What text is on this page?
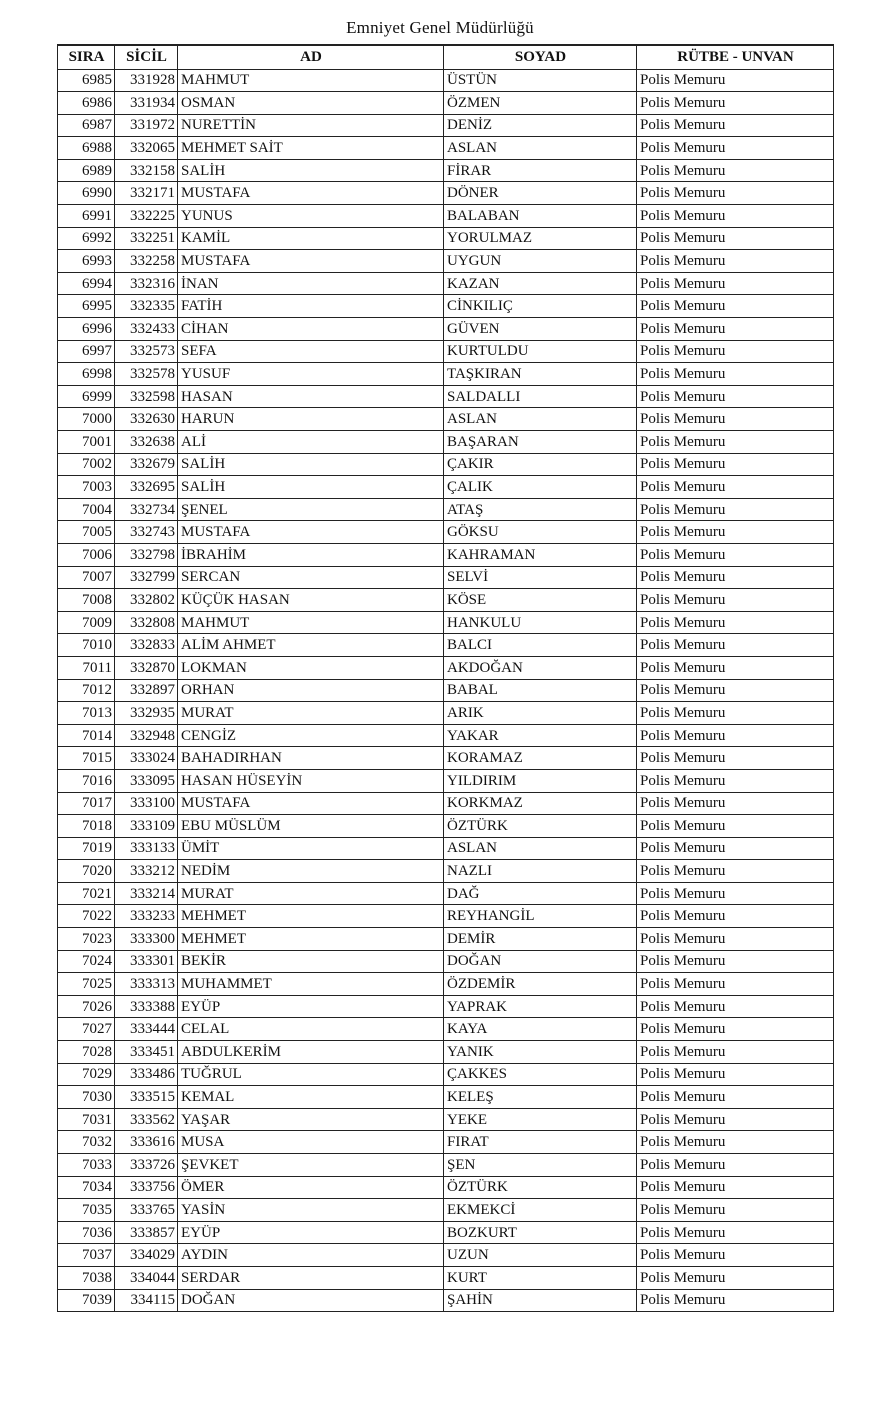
Emniyet Genel Müdürlüğü
SIRA	SİCİL	AD	SOYAD	RÜTBE - UNVAN
6985	331928	MAHMUT	ÜSTÜN	Polis Memuru
6986	331934	OSMAN	ÖZMEN	Polis Memuru
6987	331972	NURETTİN	DENİZ	Polis Memuru
6988	332065	MEHMET SAİT	ASLAN	Polis Memuru
6989	332158	SALİH	FİRAR	Polis Memuru
6990	332171	MUSTAFA	DÖNER	Polis Memuru
6991	332225	YUNUS	BALABAN	Polis Memuru
6992	332251	KAMİL	YORULMAZ	Polis Memuru
6993	332258	MUSTAFA	UYGUN	Polis Memuru
6994	332316	İNAN	KAZAN	Polis Memuru
6995	332335	FATİH	CİNKILIÇ	Polis Memuru
6996	332433	CİHAN	GÜVEN	Polis Memuru
6997	332573	SEFA	KURTULDU	Polis Memuru
6998	332578	YUSUF	TAŞKIRAN	Polis Memuru
6999	332598	HASAN	SALDALLI	Polis Memuru
7000	332630	HARUN	ASLAN	Polis Memuru
7001	332638	ALİ	BAŞARAN	Polis Memuru
7002	332679	SALİH	ÇAKIR	Polis Memuru
7003	332695	SALİH	ÇALIK	Polis Memuru
7004	332734	ŞENEL	ATAŞ	Polis Memuru
7005	332743	MUSTAFA	GÖKSU	Polis Memuru
7006	332798	İBRAHİM	KAHRAMAN	Polis Memuru
7007	332799	SERCAN	SELVİ	Polis Memuru
7008	332802	KÜÇÜK HASAN	KÖSE	Polis Memuru
7009	332808	MAHMUT	HANKULU	Polis Memuru
7010	332833	ALİM AHMET	BALCI	Polis Memuru
7011	332870	LOKMAN	AKDOĞAN	Polis Memuru
7012	332897	ORHAN	BABAL	Polis Memuru
7013	332935	MURAT	ARIK	Polis Memuru
7014	332948	CENGİZ	YAKAR	Polis Memuru
7015	333024	BAHADIRHAN	KORAMAZ	Polis Memuru
7016	333095	HASAN HÜSEYİN	YILDIRIM	Polis Memuru
7017	333100	MUSTAFA	KORKMAZ	Polis Memuru
7018	333109	EBU MÜSLÜM	ÖZTÜRK	Polis Memuru
7019	333133	ÜMİT	ASLAN	Polis Memuru
7020	333212	NEDİM	NAZLI	Polis Memuru
7021	333214	MURAT	DAĞ	Polis Memuru
7022	333233	MEHMET	REYHANGİL	Polis Memuru
7023	333300	MEHMET	DEMİR	Polis Memuru
7024	333301	BEKİR	DOĞAN	Polis Memuru
7025	333313	MUHAMMET	ÖZDEMİR	Polis Memuru
7026	333388	EYÜP	YAPRAK	Polis Memuru
7027	333444	CELAL	KAYA	Polis Memuru
7028	333451	ABDULKERİM	YANIK	Polis Memuru
7029	333486	TUĞRUL	ÇAKKES	Polis Memuru
7030	333515	KEMAL	KELEŞ	Polis Memuru
7031	333562	YAŞAR	YEKE	Polis Memuru
7032	333616	MUSA	FIRAT	Polis Memuru
7033	333726	ŞEVKET	ŞEN	Polis Memuru
7034	333756	ÖMER	ÖZTÜRK	Polis Memuru
7035	333765	YASİN	EKMEKCİ	Polis Memuru
7036	333857	EYÜP	BOZKURT	Polis Memuru
7037	334029	AYDIN	UZUN	Polis Memuru
7038	334044	SERDAR	KURT	Polis Memuru
7039	334115	DOĞAN	ŞAHİN	Polis Memuru
